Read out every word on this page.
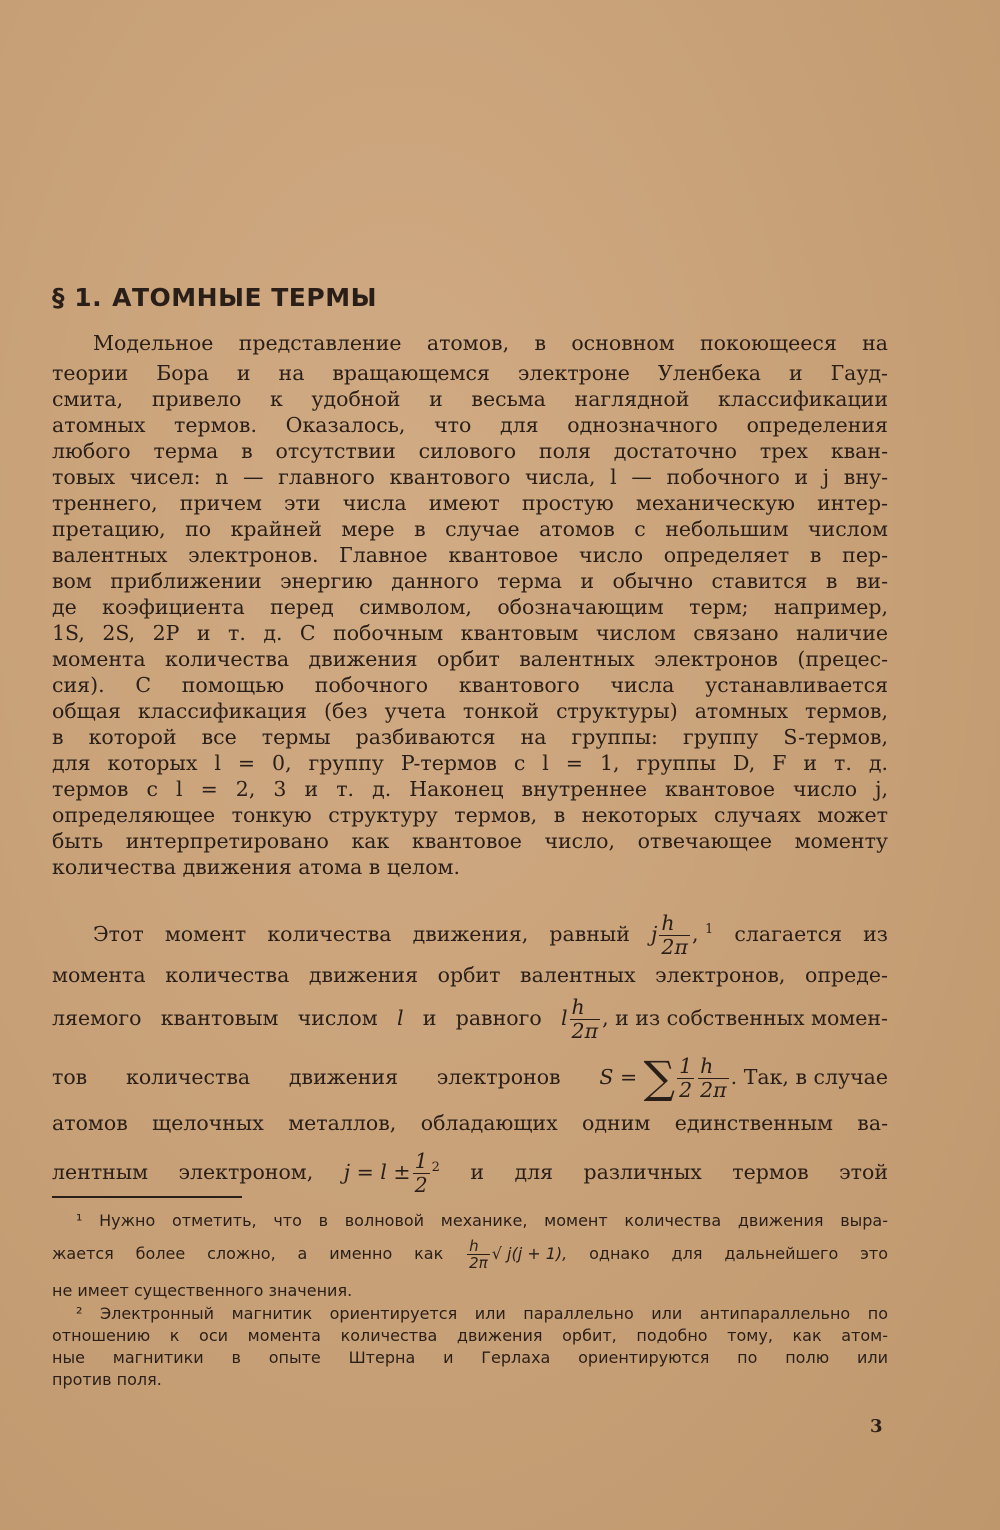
§ 1. АТОМНЫЕ ТЕРМЫ
Модельное представление атомов, в основном покоющееся на
теории Бора и на вращающемся электроне Уленбека и Гауд-
смита, привело к удобной и весьма наглядной классификации
атомных термов. Оказалось, что для однозначного определения
любого терма в отсутствии силового поля достаточно трех кван-
товых чисел: n — главного квантового числа, l — побочного и j вну-
треннего, причем эти числа имеют простую механическую интер-
претацию, по крайней мере в случае атомов с небольшим числом
валентных электронов. Главное квантовое число определяет в пер-
вом приближении энергию данного терма и обычно ставится в ви-
де коэфициента перед символом, обозначающим терм; например,
1S, 2S, 2P и т. д. С побочным квантовым числом связано наличие
момента количества движения орбит валентных электронов (прецес-
сия). С помощью побочного квантового числа устанавливается
общая классификация (без учета тонкой структуры) атомных термов,
в которой все термы разбиваются на группы: группу S-термов,
для которых l = 0, группу P-термов с l = 1, группы D, F и т. д.
термов с l = 2, 3 и т. д. Наконец внутреннее квантовое число j,
определяющее тонкую структуру термов, в некоторых случаях может
быть интерпретировано как квантовое число, отвечающее моменту
количества движения атома в целом.
Этот момент количества движения, равный j $\frac{h}{2\pi}$ , $^1$ слагается из
момента количества движения орбит валентных электронов, опреде-
ляемого квантовым числом l и равного l $\frac{h}{2\pi}$ , и из собственных момен-
тов количества движения электронов S = ∑ $\frac{1}{2} \frac{h}{2\pi}$ . Так, в случае
атомов щелочных металлов, обладающих одним единственным ва-
лентным электроном, $j = l \pm \frac{1}{2} ^2$ и для различных термов этой
¹ Нужно отметить, что в волновой механике, момент количества движения выра-
жается более сложно, а именно как $\frac{h}{2\pi}$ √ j(j + 1), однако для дальнейшего это
не имеет существенного значения.
² Электронный магнитик ориентируется или параллельно или антипараллельно по
отношению к оси момента количества движения орбит, подобно тому, как атом-
ные магнитики в опыте Штерна и Герлаха ориентируются по полю или
против поля.
3
